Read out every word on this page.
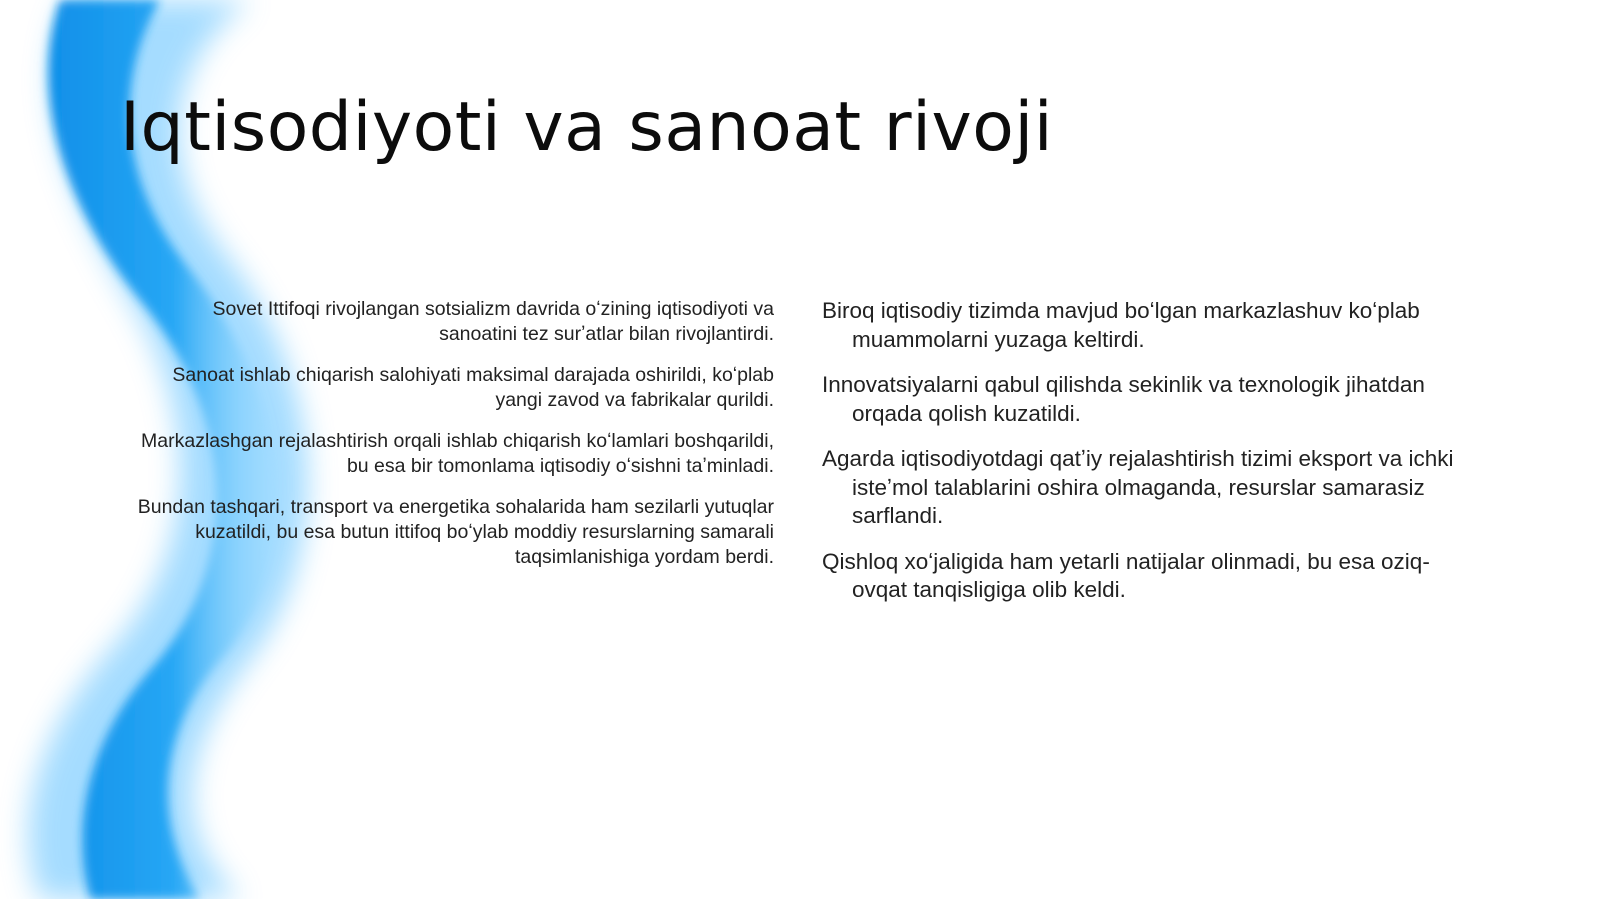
Iqtisodiyoti va sanoat rivoji

Sovet Ittifoqi rivojlangan sotsializm davrida oʻzining iqtisodiyoti va sanoatini tez surʼatlar bilan rivojlantirdi.

Sanoat ishlab chiqarish salohiyati maksimal darajada oshirildi, koʻplab yangi zavod va fabrikalar qurildi.

Markazlashgan rejalashtirish orqali ishlab chiqarish koʻlamlari boshqarildi, bu esa bir tomonlama iqtisodiy oʻsishni taʼminladi.

Bundan tashqari, transport va energetika sohalarida ham sezilarli yutuqlar kuzatildi, bu esa butun ittifoq boʻylab moddiy resurslarning samarali taqsimlanishiga yordam berdi.

Biroq iqtisodiy tizimda mavjud boʻlgan markazlashuv koʻplab muammolarni yuzaga keltirdi.

Innovatsiyalarni qabul qilishda sekinlik va texnologik jihatdan orqada qolish kuzatildi.

Agarda iqtisodiyotdagi qatʼiy rejalashtirish tizimi eksport va ichki isteʼmol talablarini oshira olmaganda, resurslar samarasiz sarflandi.

Qishloq xoʻjaligida ham yetarli natijalar olinmadi, bu esa oziq-ovqat tanqisligiga olib keldi.
